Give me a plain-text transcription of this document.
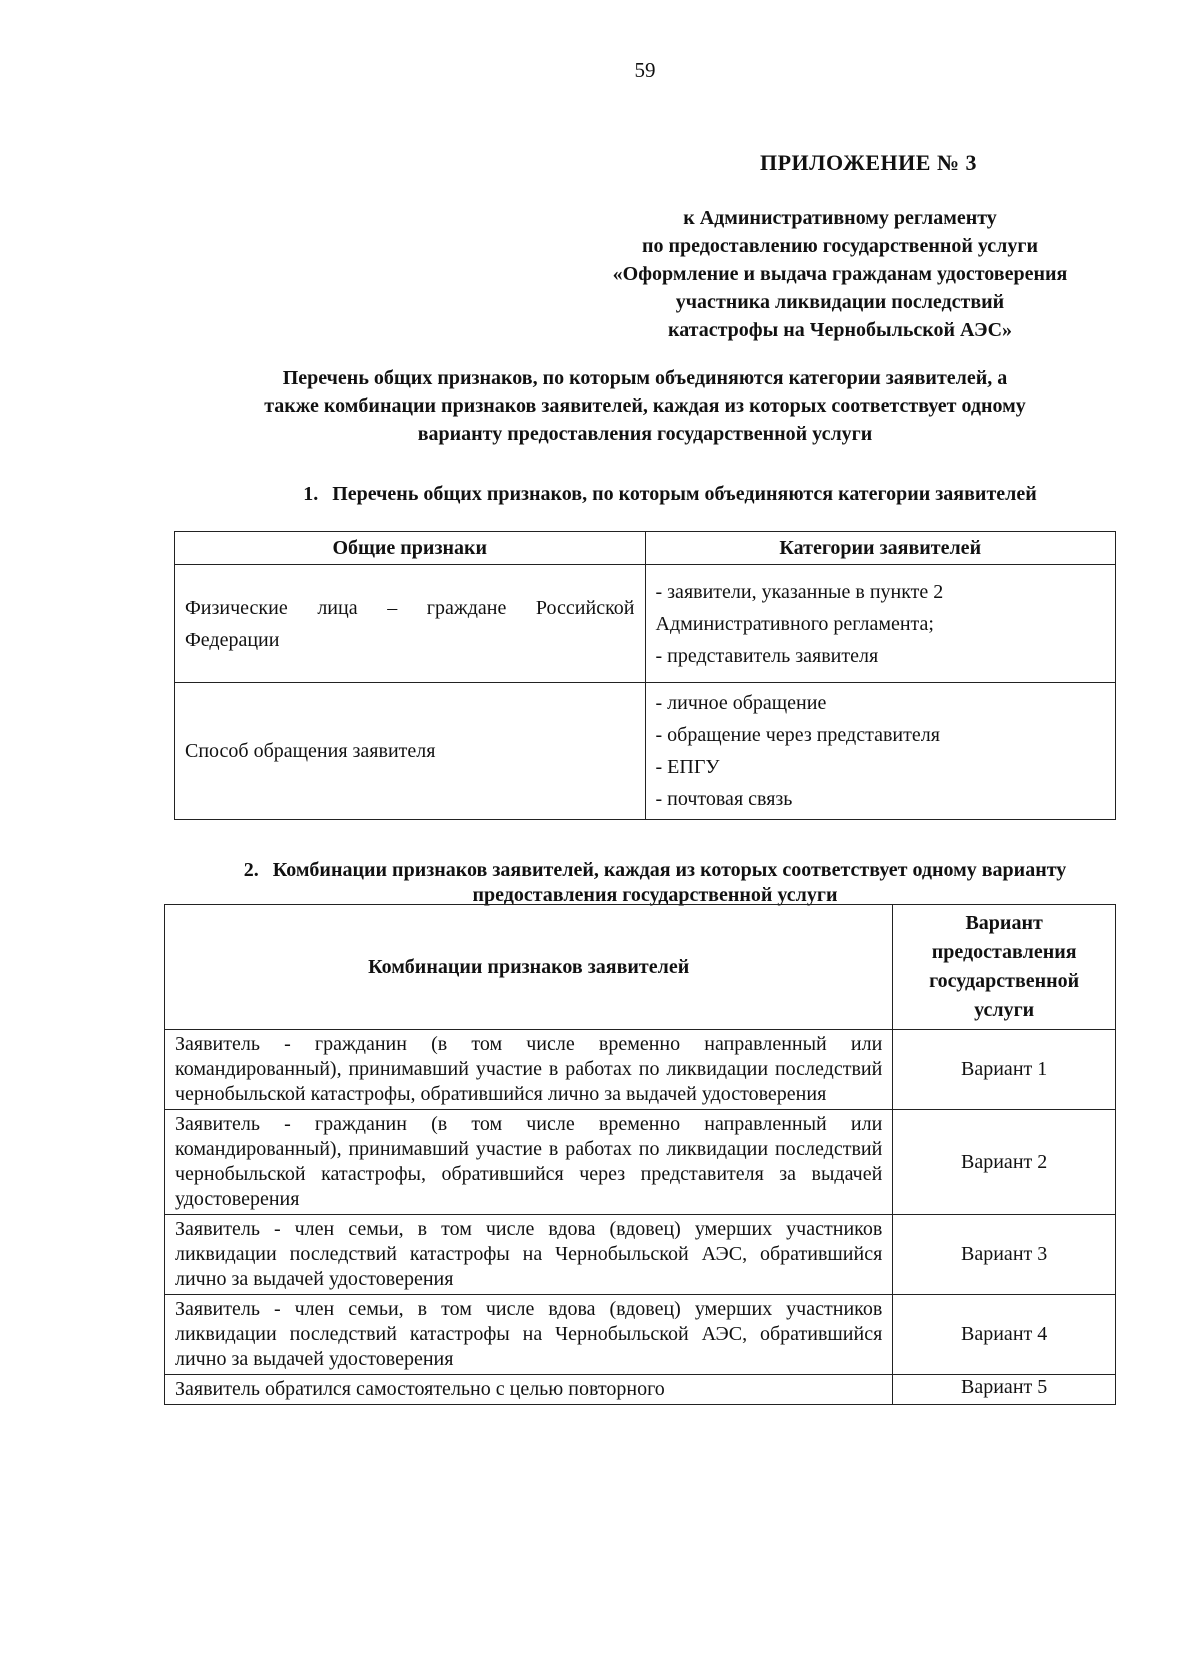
59
ПРИЛОЖЕНИЕ № 3
к Административному регламенту
по предоставлению государственной услуги
«Оформление и выдача гражданам удостоверения
участника ликвидации последствий
катастрофы на Чернобыльской АЭС»
Перечень общих признаков, по которым объединяются категории заявителей, а
также комбинации признаков заявителей, каждая из которых соответствует одному
варианту предоставления государственной услуги
1. Перечень общих признаков, по которым объединяются категории заявителей
Общие признаки	Категории заявителей
Физические лица – граждане Российской Федерации	- заявители, указанные в пункте 2 Административного регламента;
- представитель заявителя

Способ обращения заявителя	- личное обращение
- обращение через представителя
- ЕПГУ
- почтовая связь
2. Комбинации признаков заявителей, каждая из которых соответствует одному варианту предоставления государственной услуги
Комбинации признаков заявителей	Вариант предоставления государственной услуги
Заявитель - гражданин (в том числе временно направленный или командированный), принимавший участие в работах по ликвидации последствий чернобыльской катастрофы, обратившийся лично за выдачей удостоверения	Вариант 1
Заявитель - гражданин (в том числе временно направленный или командированный), принимавший участие в работах по ликвидации последствий чернобыльской катастрофы, обратившийся через представителя за выдачей удостоверения	Вариант 2
Заявитель - член семьи, в том числе вдова (вдовец) умерших участников ликвидации последствий катастрофы на Чернобыльской АЭС, обратившийся лично за выдачей удостоверения	Вариант 3
Заявитель - член семьи, в том числе вдова (вдовец) умерших участников ликвидации последствий катастрофы на Чернобыльской АЭС, обратившийся лично за выдачей удостоверения	Вариант 4
Заявитель обратился самостоятельно с целью повторного	Вариант 5
